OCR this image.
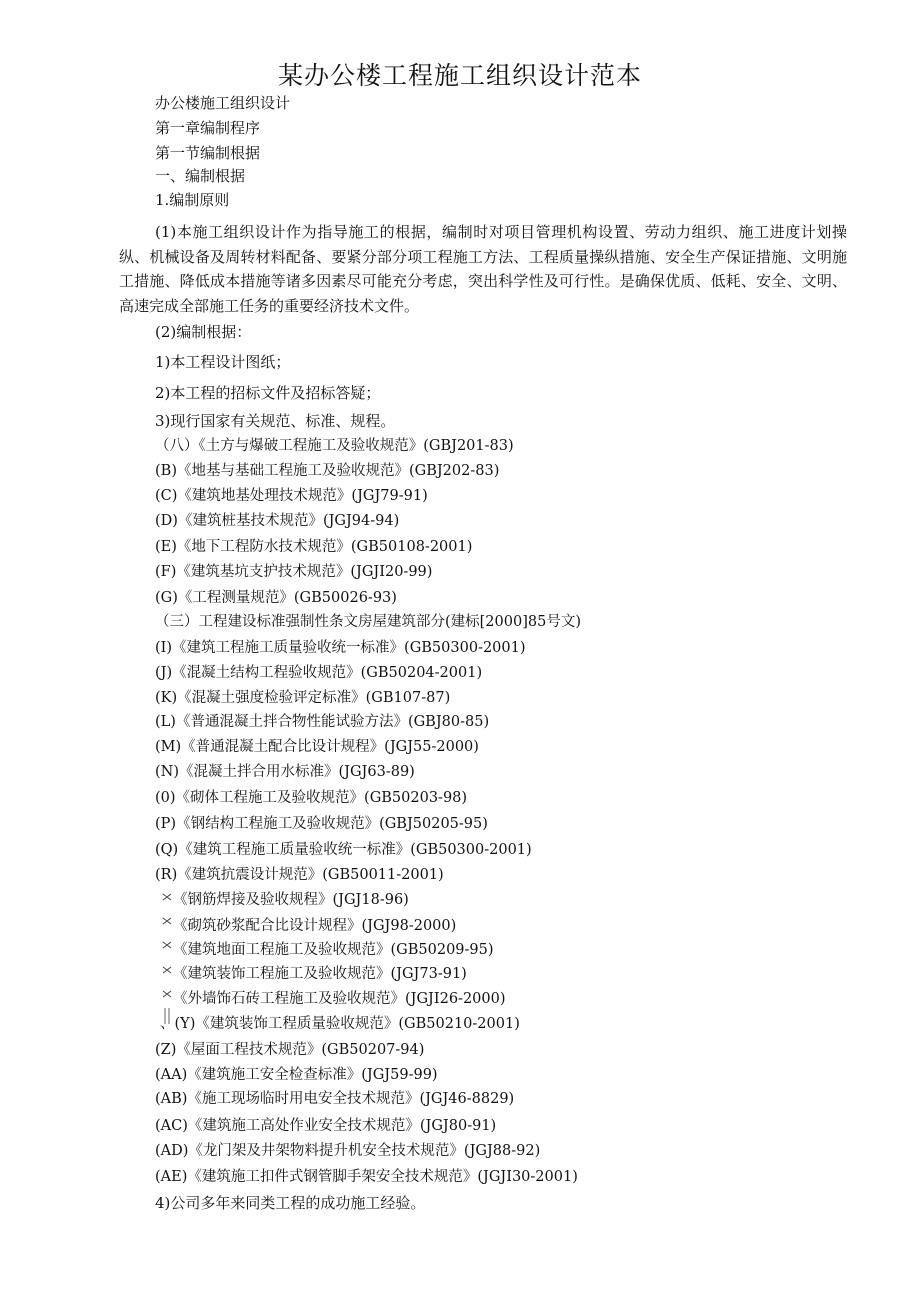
某办公楼工程施工组织设计范本
办公楼施工组织设计
第一章编制程序
第一节编制根据
一、编制根据
1.编制原则
(1)本施工组织设计作为指导施工的根据，编制时对项目管理机构设置、劳动力组织、施工进度计划操纵、机械设备及周转材料配备、要紧分部分项工程施工方法、工程质量操纵措施、安全生产保证措施、文明施工措施、降低成本措施等诸多因素尽可能充分考虑，突出科学性及可行性。是确保优质、低耗、安全、文明、高速完成全部施工任务的重要经济技术文件。
(2)编制根据：
1)本工程设计图纸；
2)本工程的招标文件及招标答疑；
3)现行国家有关规范、标准、规程。
（八）《土方与爆破工程施工及验收规范》(GBJ201-83)
(B)《地基与基础工程施工及验收规范》(GBJ202-83)
(C)《建筑地基处理技术规范》(JGJ79-91)
(D)《建筑桩基技术规范》(JGJ94-94)
(E)《地下工程防水技术规范》(GB50108-2001)
(F)《建筑基坑支护技术规范》(JGJI20-99)
(G)《工程测量规范》(GB50026-93)
（三）工程建设标准强制性条文房屋建筑部分(建标[2000]85号文)
(I)《建筑工程施工质量验收统一标准》(GB50300-2001)
(J)《混凝土结构工程验收规范》(GB50204-2001)
(K)《混凝土强度检验评定标准》(GB107-87)
(L)《普通混凝土拌合物性能试验方法》(GBJ80-85)
(M)《普通混凝土配合比设计规程》(JGJ55-2000)
(N)《混凝土拌合用水标准》(JGJ63-89)
(0)《砌体工程施工及验收规范》(GB50203-98)
(P)《钢结构工程施工及验收规范》(GBJ50205-95)
(Q)《建筑工程施工质量验收统一标准》(GB50300-2001)
(R)《建筑抗震设计规范》(GB50011-2001)
《钢筋焊接及验收规程》(JGJ18-96)
《砌筑砂浆配合比设计规程》(JGJ98-2000)
《建筑地面工程施工及验收规范》(GB50209-95)
《建筑装饰工程施工及验收规范》(JGJ73-91)
《外墙饰石砖工程施工及验收规范》(JGJI26-2000)
、(Y)《建筑装饰工程质量验收规范》(GB50210-2001)
(Z)《屋面工程技术规范》(GB50207-94)
(AA)《建筑施工安全检查标准》(JGJ59-99)
(AB)《施工现场临时用电安全技术规范》(JGJ46-8829)
(AC)《建筑施工高处作业安全技术规范》(JGJ80-91)
(AD)《龙门架及井架物料提升机安全技术规范》(JGJ88-92)
(AE)《建筑施工扣件式钢管脚手架安全技术规范》(JGJI30-2001)
4)公司多年来同类工程的成功施工经验。
